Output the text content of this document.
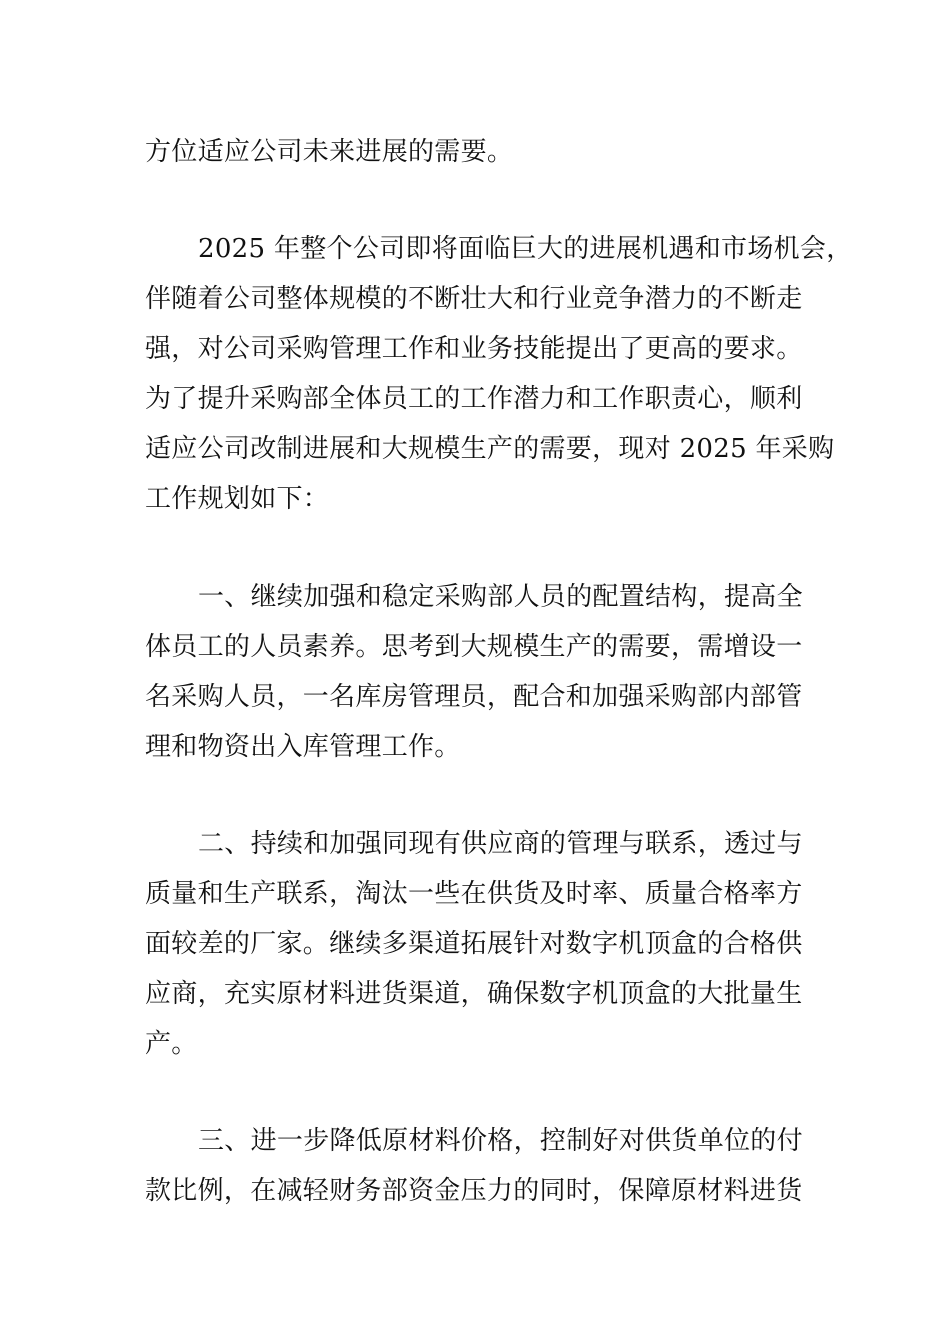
方位适应公司未来进展的需要。
2025 年整个公司即将面临巨大的进展机遇和市场机会，
伴随着公司整体规模的不断壮大和行业竞争潜力的不断走
强，对公司采购管理工作和业务技能提出了更高的要求。
为了提升采购部全体员工的工作潜力和工作职责心，顺利
适应公司改制进展和大规模生产的需要，现对 2025 年采购
工作规划如下：
一、继续加强和稳定采购部人员的配置结构，提高全
体员工的人员素养。思考到大规模生产的需要，需增设一
名采购人员，一名库房管理员，配合和加强采购部内部管
理和物资出入库管理工作。
二、持续和加强同现有供应商的管理与联系，透过与
质量和生产联系，淘汰一些在供货及时率、质量合格率方
面较差的厂家。继续多渠道拓展针对数字机顶盒的合格供
应商，充实原材料进货渠道，确保数字机顶盒的大批量生
产。
三、进一步降低原材料价格，控制好对供货单位的付
款比例，在减轻财务部资金压力的同时，保障原材料进货
